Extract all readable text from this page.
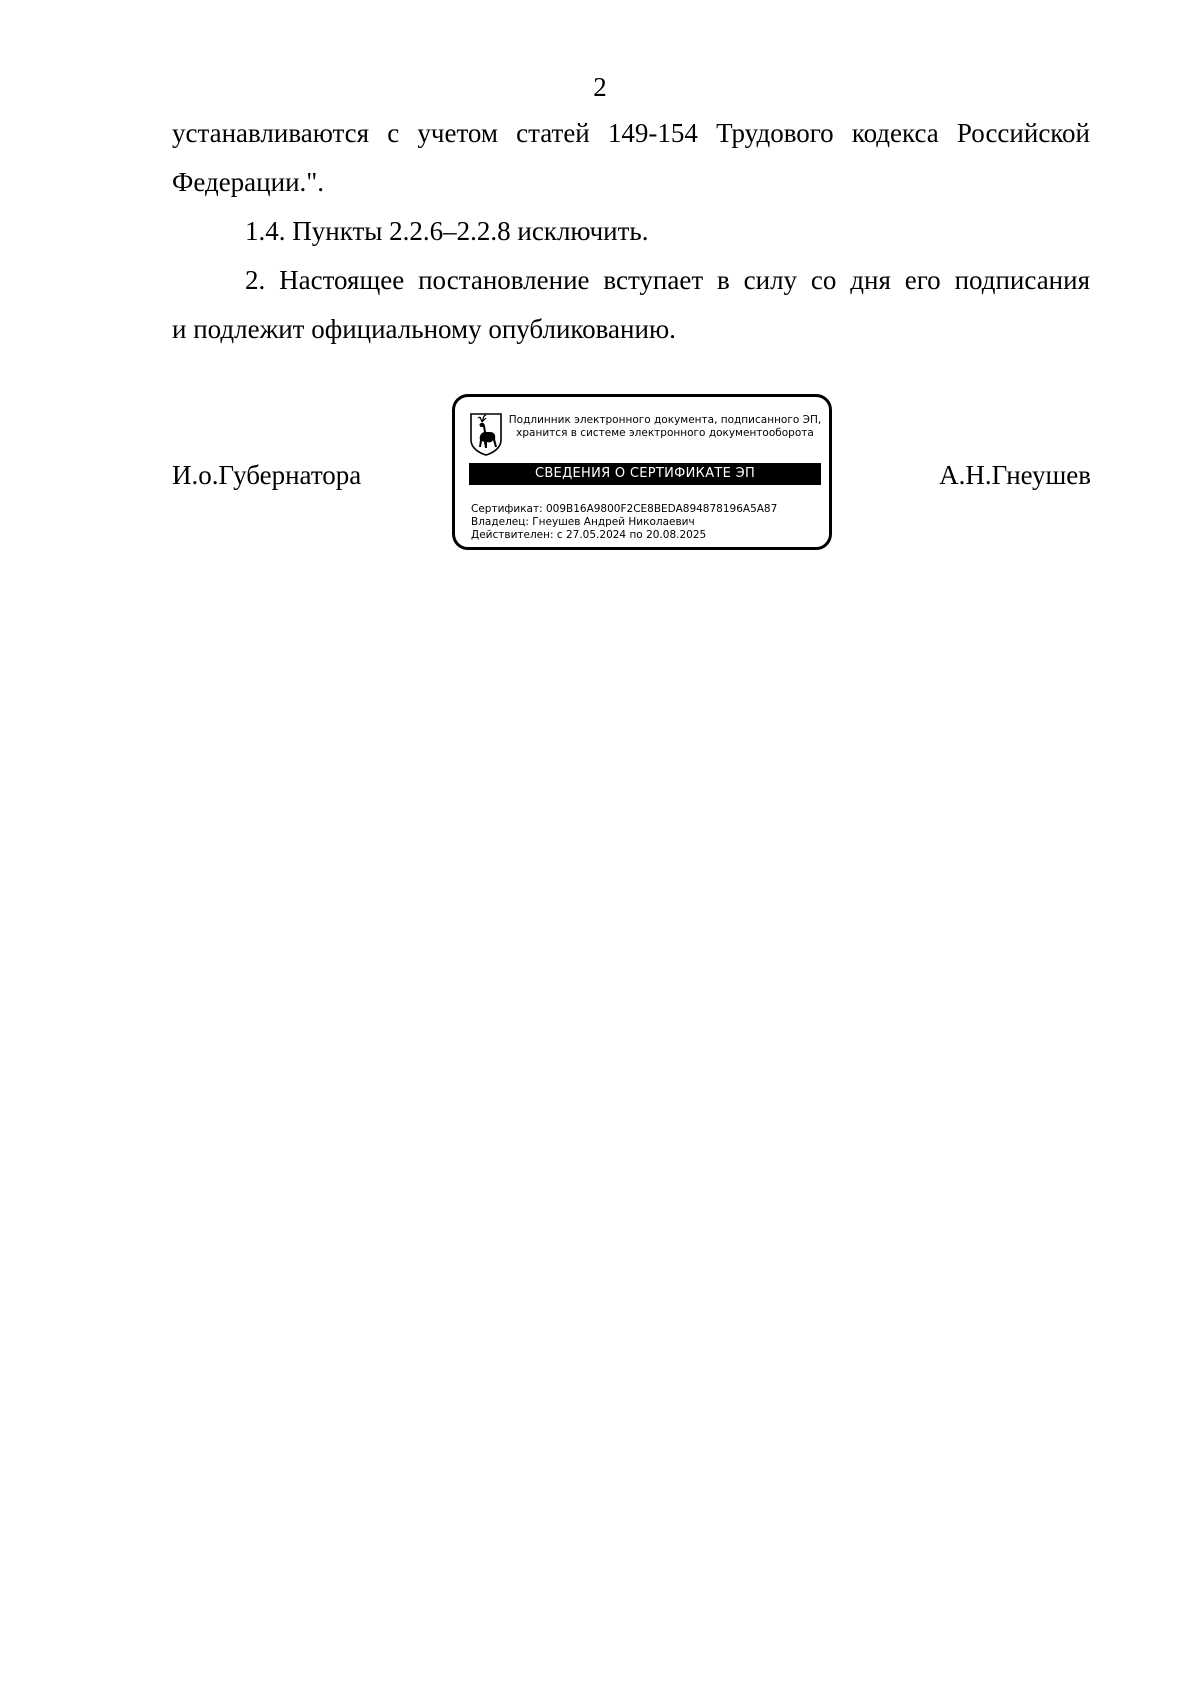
2
устанавливаются с учетом статей 149-154 Трудового кодекса Российской
Федерации.".
1.4. Пункты 2.2.6–2.2.8 исключить.
2. Настоящее постановление вступает в силу со дня его подписания
и подлежит официальному опубликованию.
И.о.Губернатора	А.Н.Гнеушев
Подлинник электронного документа, подписанного ЭП,
хранится в системе электронного документооборота
СВЕДЕНИЯ О СЕРТИФИКАТЕ ЭП
Сертификат: 009B16A9800F2CE8BEDA894878196A5A87
Владелец: Гнеушев Андрей Николаевич
Действителен: с 27.05.2024 по 20.08.2025
